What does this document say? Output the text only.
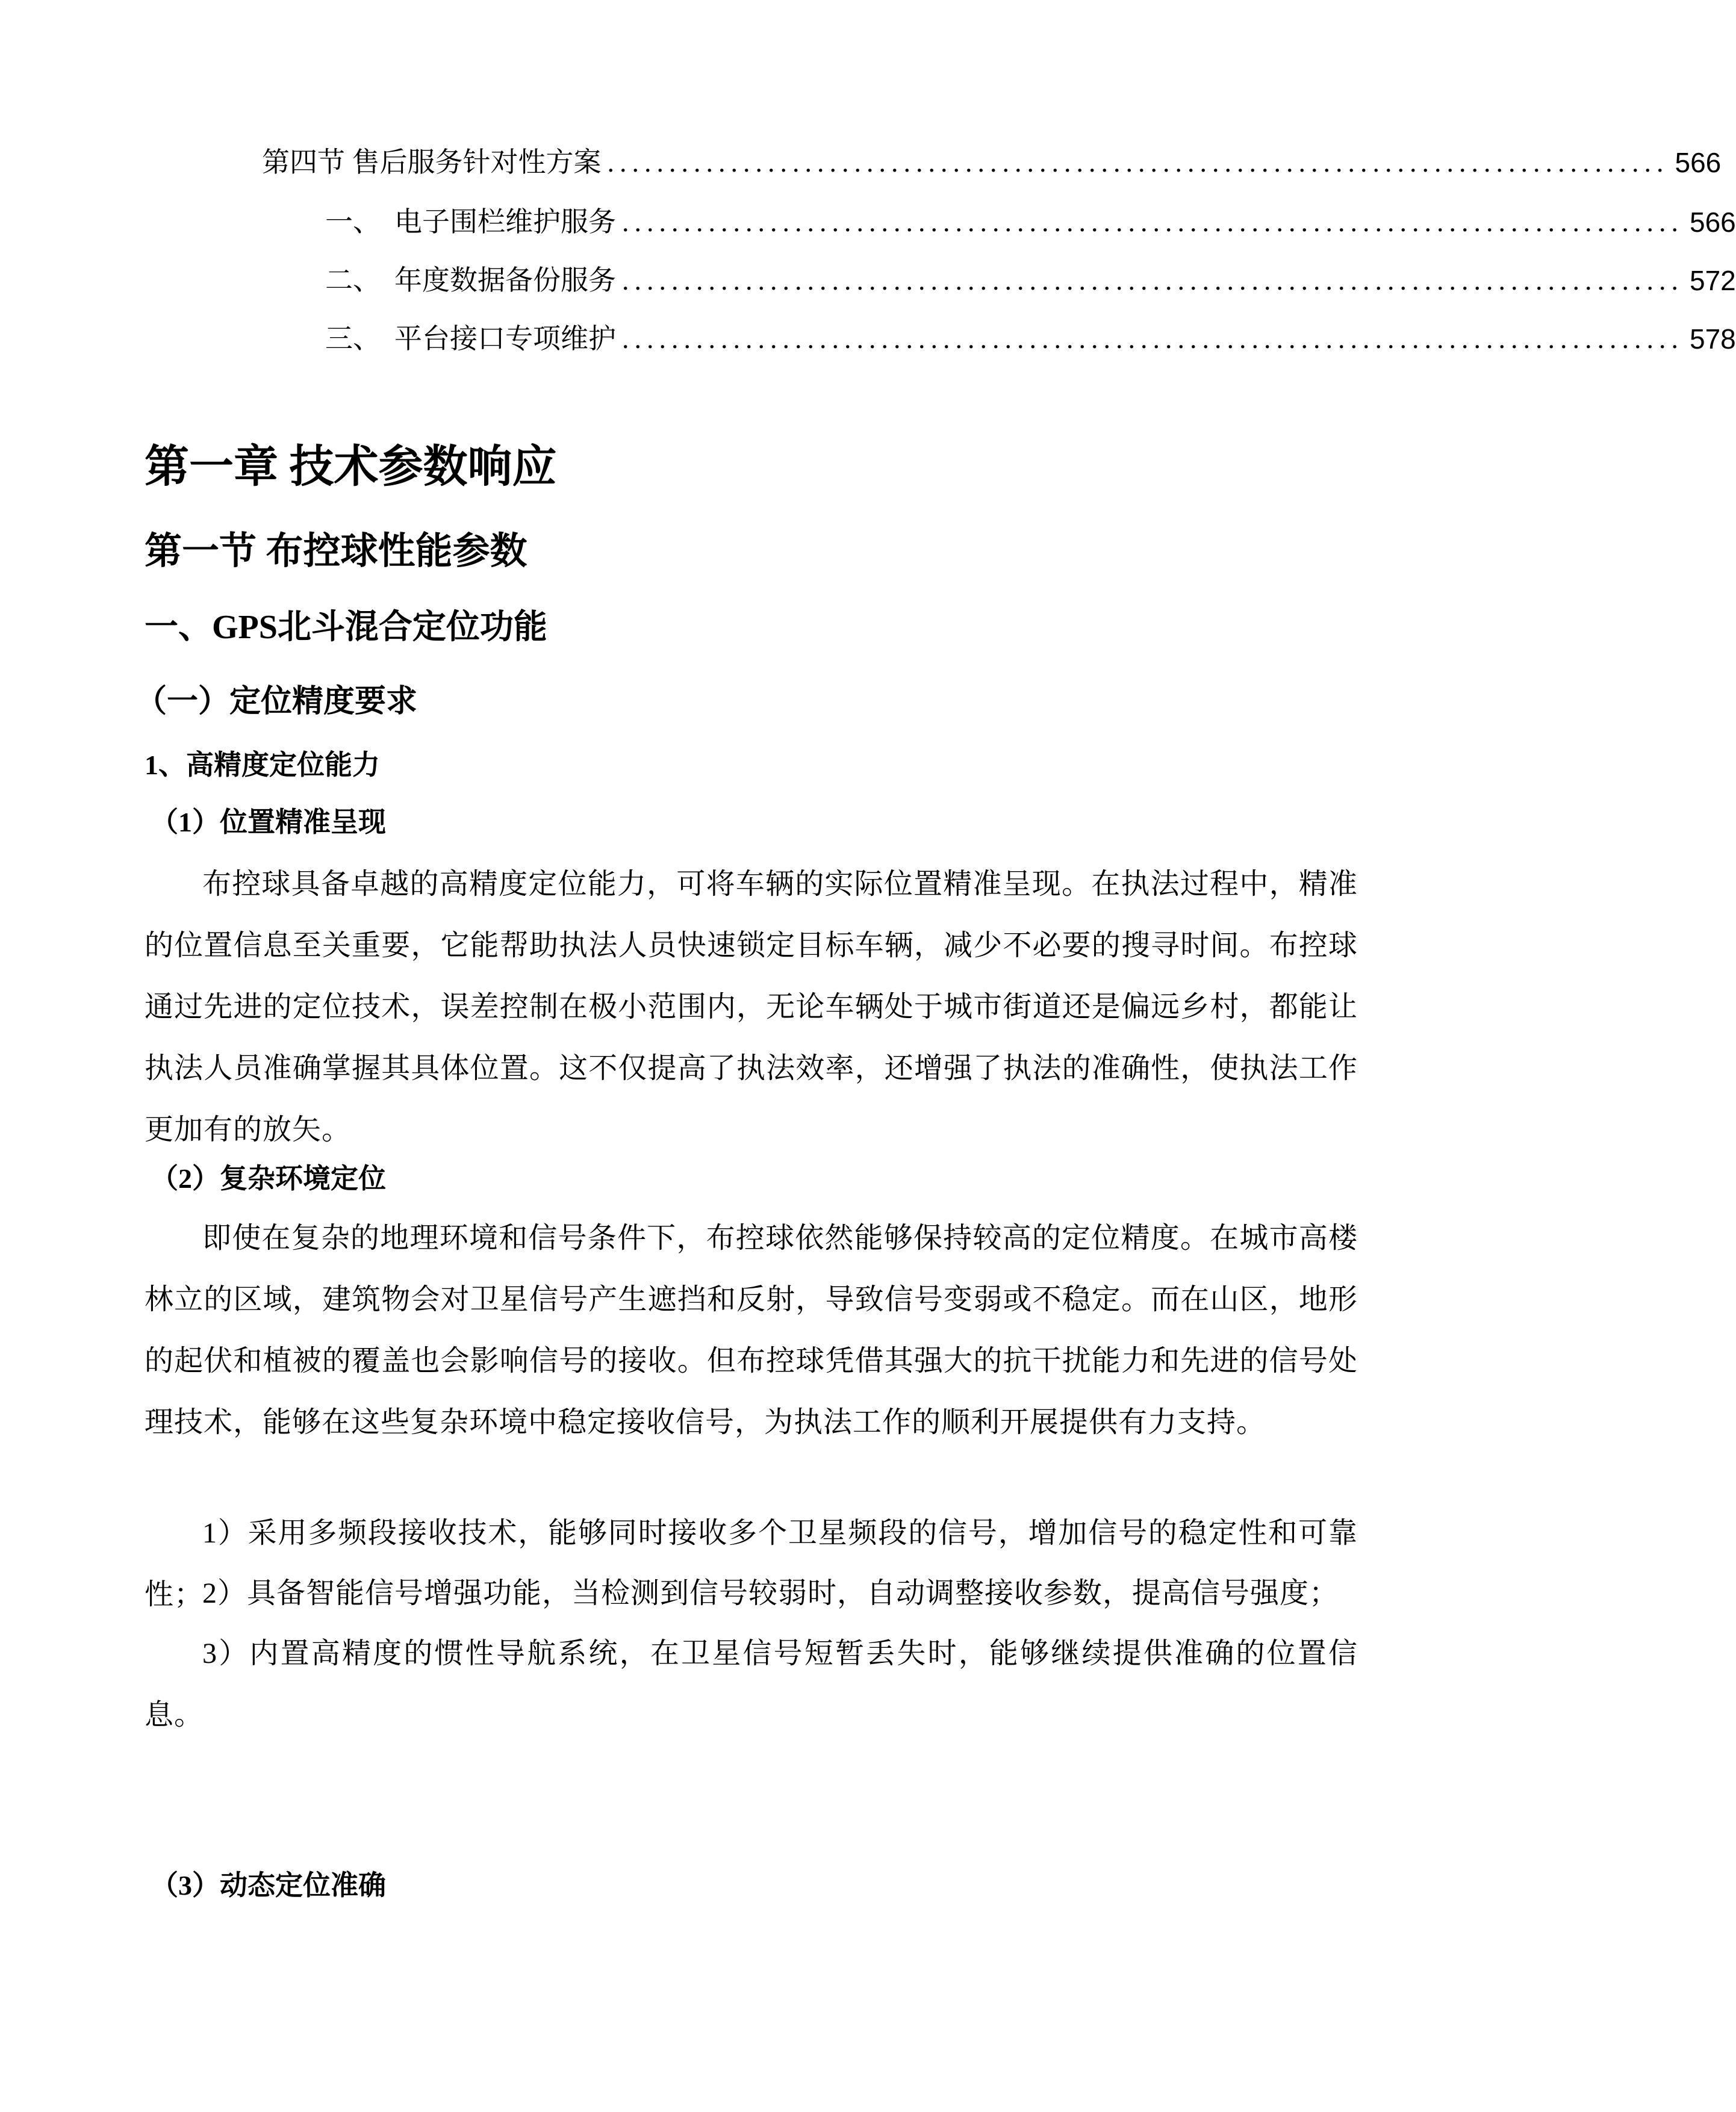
第四节 售后服务针对性方案 ...................................................................................... 566
一、  电子围栏维护服务 ...................................................................................... 566
二、  年度数据备份服务 ...................................................................................... 572
三、  平台接口专项维护 ...................................................................................... 578
第一章 技术参数响应
第一节 布控球性能参数
一、GPS北斗混合定位功能
（一）定位精度要求
1、高精度定位能力
（1）位置精准呈现
布控球具备卓越的高精度定位能力，可将车辆的实际位置精准呈现。在执法过程中，精准的位置信息至关重要，它能帮助执法人员快速锁定目标车辆，减少不必要的搜寻时间。布控球通过先进的定位技术，误差控制在极小范围内，无论车辆处于城市街道还是偏远乡村，都能让执法人员准确掌握其具体位置。这不仅提高了执法效率，还增强了执法的准确性，使执法工作更加有的放矢。
（2）复杂环境定位
即使在复杂的地理环境和信号条件下，布控球依然能够保持较高的定位精度。在城市高楼林立的区域，建筑物会对卫星信号产生遮挡和反射，导致信号变弱或不稳定。而在山区，地形的起伏和植被的覆盖也会影响信号的接收。但布控球凭借其强大的抗干扰能力和先进的信号处理技术，能够在这些复杂环境中稳定接收信号，为执法工作的顺利开展提供有力支持。
1）采用多频段接收技术，能够同时接收多个卫星频段的信号，增加信号的稳定性和可靠性；
2）具备智能信号增强功能，当检测到信号较弱时，自动调整接收参数，提高信号强度；
3）内置高精度的惯性导航系统，在卫星信号短暂丢失时，能够继续提供准确的位置信息。
（3）动态定位准确
